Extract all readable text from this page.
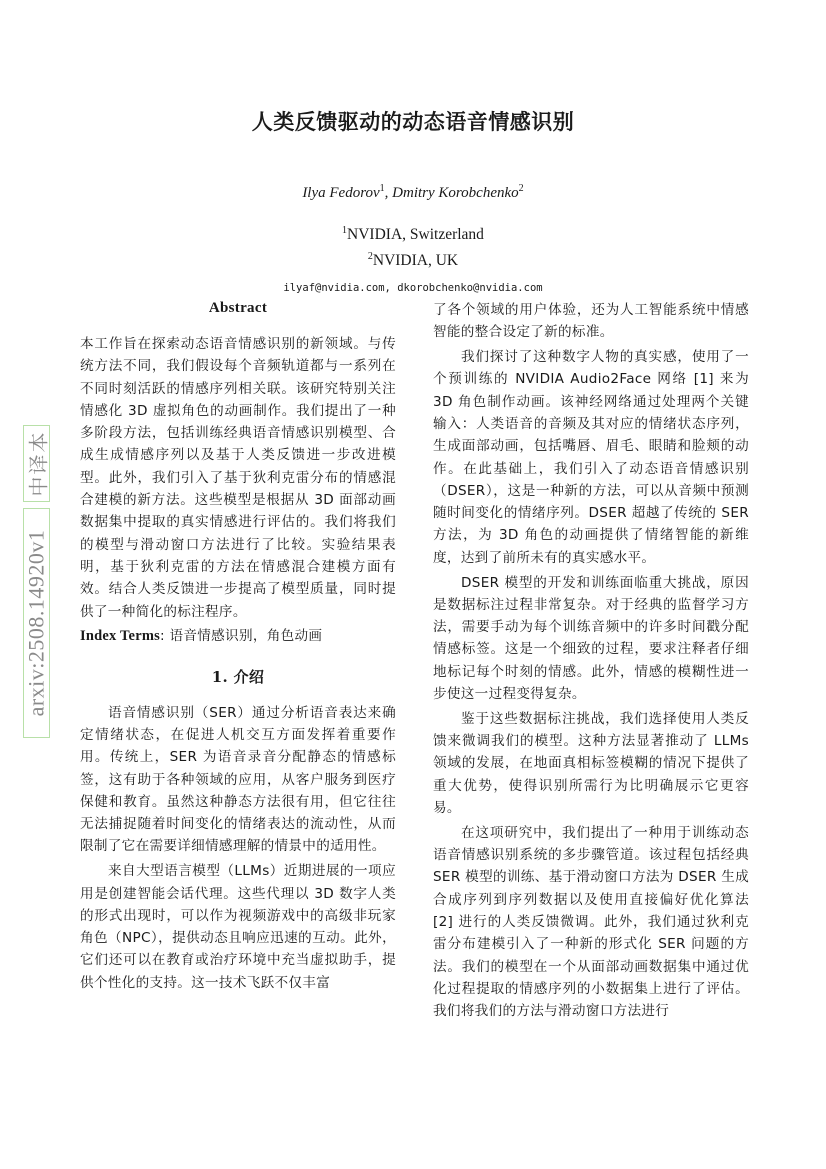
人类反馈驱动的动态语音情感识别
Ilya Fedorov$^1$, Dmitry Korobchenko$^2$
$^1$NVIDIA, Switzerland
$^2$NVIDIA, UK
ilyaf@nvidia.com, dkorobchenko@nvidia.com
中译本
arxiv:2508.14920v1
Abstract

本工作旨在探索动态语音情感识别的新领域。与传统方法不同，我们假设每个音频轨道都与一系列在不同时刻活跃的情感序列相关联。该研究特别关注情感化 3D 虚拟角色的动画制作。我们提出了一种多阶段方法，包括训练经典语音情感识别模型、合成生成情感序列以及基于人类反馈进一步改进模型。此外，我们引入了基于狄利克雷分布的情感混合建模的新方法。这些模型是根据从 3D 面部动画数据集中提取的真实情感进行评估的。我们将我们的模型与滑动窗口方法进行了比较。实验结果表明，基于狄利克雷的方法在情感混合建模方面有效。结合人类反馈进一步提高了模型质量，同时提供了一种简化的标注程序。

Index Terms: 语音情感识别，角色动画

1. 介绍

语音情感识别（SER）通过分析语音表达来确定情绪状态，在促进人机交互方面发挥着重要作用。传统上，SER 为语音录音分配静态的情感标签，这有助于各种领域的应用，从客户服务到医疗保健和教育。虽然这种静态方法很有用，但它往往无法捕捉随着时间变化的情绪表达的流动性，从而限制了它在需要详细情感理解的情景中的适用性。

来自大型语言模型（LLMs）近期进展的一项应用是创建智能会话代理。这些代理以 3D 数字人类的形式出现时，可以作为视频游戏中的高级非玩家角色（NPC），提供动态且响应迅速的互动。此外，它们还可以在教育或治疗环境中充当虚拟助手，提供个性化的支持。这一技术飞跃不仅丰富

了各个领域的用户体验，还为人工智能系统中情感智能的整合设定了新的标准。

我们探讨了这种数字人物的真实感，使用了一个预训练的 NVIDIA Audio2Face 网络 [1] 来为 3D 角色制作动画。该神经网络通过处理两个关键输入：人类语音的音频及其对应的情绪状态序列，生成面部动画，包括嘴唇、眉毛、眼睛和脸颊的动作。在此基础上，我们引入了动态语音情感识别（DSER），这是一种新的方法，可以从音频中预测随时间变化的情绪序列。DSER 超越了传统的 SER 方法，为 3D 角色的动画提供了情绪智能的新维度，达到了前所未有的真实感水平。

DSER 模型的开发和训练面临重大挑战，原因是数据标注过程非常复杂。对于经典的监督学习方法，需要手动为每个训练音频中的许多时间戳分配情感标签。这是一个细致的过程，要求注释者仔细地标记每个时刻的情感。此外，情感的模糊性进一步使这一过程变得复杂。

鉴于这些数据标注挑战，我们选择使用人类反馈来微调我们的模型。这种方法显著推动了 LLMs 领域的发展，在地面真相标签模糊的情况下提供了重大优势，使得识别所需行为比明确展示它更容易。

在这项研究中，我们提出了一种用于训练动态语音情感识别系统的多步骤管道。该过程包括经典 SER 模型的训练、基于滑动窗口方法为 DSER 生成合成序列到序列数据以及使用直接偏好优化算法 [2] 进行的人类反馈微调。此外，我们通过狄利克雷分布建模引入了一种新的形式化 SER 问题的方法。我们的模型在一个从面部动画数据集中通过优化过程提取的情感序列的小数据集上进行了评估。我们将我们的方法与滑动窗口方法进行
